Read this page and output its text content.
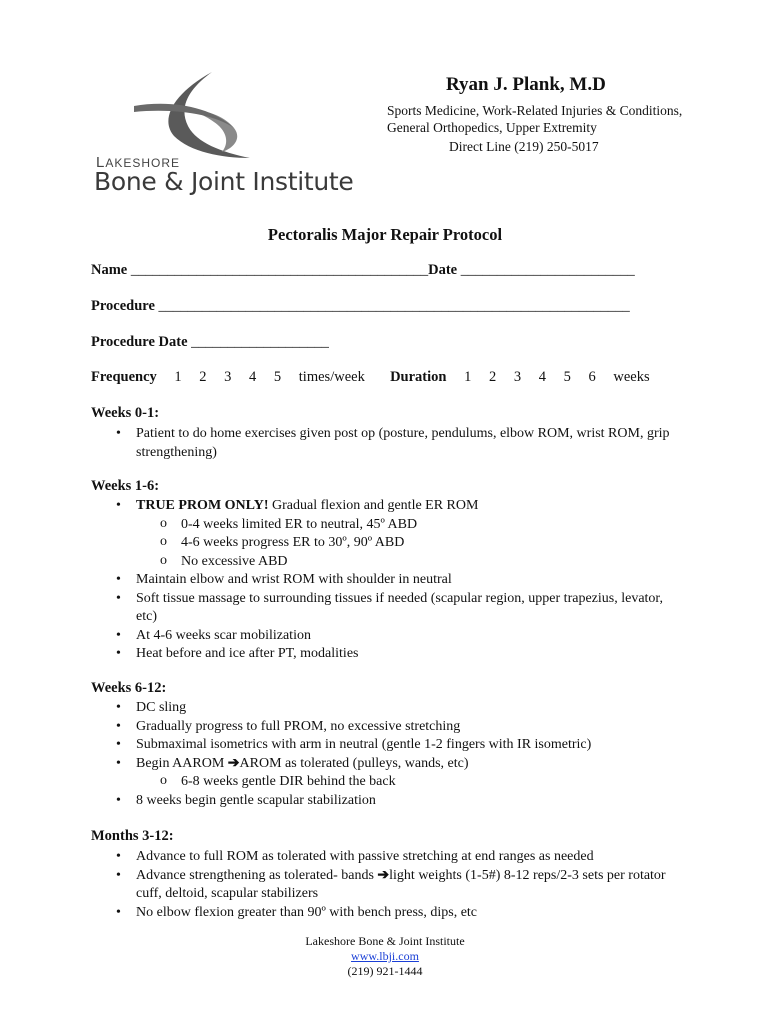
LAKESHORE
Bone & Joint Institute
Ryan J. Plank, M.D
Sports Medicine, Work-Related Injuries & Conditions,
General Orthopedics, Upper Extremity
Direct Line (219) 250-5017
Pectoralis Major Repair Protocol
Name _________________________________________Date ________________________
Procedure _________________________________________________________________
Procedure Date ___________________
Frequency 1 2 3 4 5 times/week Duration 1 2 3 4 5 6 weeks
Weeks 0-1:
• Patient to do home exercises given post op (posture, pendulums, elbow ROM, wrist ROM, grip strengthening)
Weeks 1-6:
• TRUE PROM ONLY! Gradual flexion and gentle ER ROM
o 0-4 weeks limited ER to neutral, 45º ABD
o 4-6 weeks progress ER to 30º, 90º ABD
o No excessive ABD
• Maintain elbow and wrist ROM with shoulder in neutral
• Soft tissue massage to surrounding tissues if needed (scapular region, upper trapezius, levator, etc)
• At 4-6 weeks scar mobilization
• Heat before and ice after PT, modalities
Weeks 6-12:
• DC sling
• Gradually progress to full PROM, no excessive stretching
• Submaximal isometrics with arm in neutral (gentle 1-2 fingers with IR isometric)
• Begin AAROM ➔AROM as tolerated (pulleys, wands, etc)
o 6-8 weeks gentle DIR behind the back
• 8 weeks begin gentle scapular stabilization
Months 3-12:
• Advance to full ROM as tolerated with passive stretching at end ranges as needed
• Advance strengthening as tolerated- bands ➔light weights (1-5#) 8-12 reps/2-3 sets per rotator cuff, deltoid, scapular stabilizers
• No elbow flexion greater than 90º with bench press, dips, etc
Lakeshore Bone & Joint Institute
www.lbji.com
(219) 921-1444
